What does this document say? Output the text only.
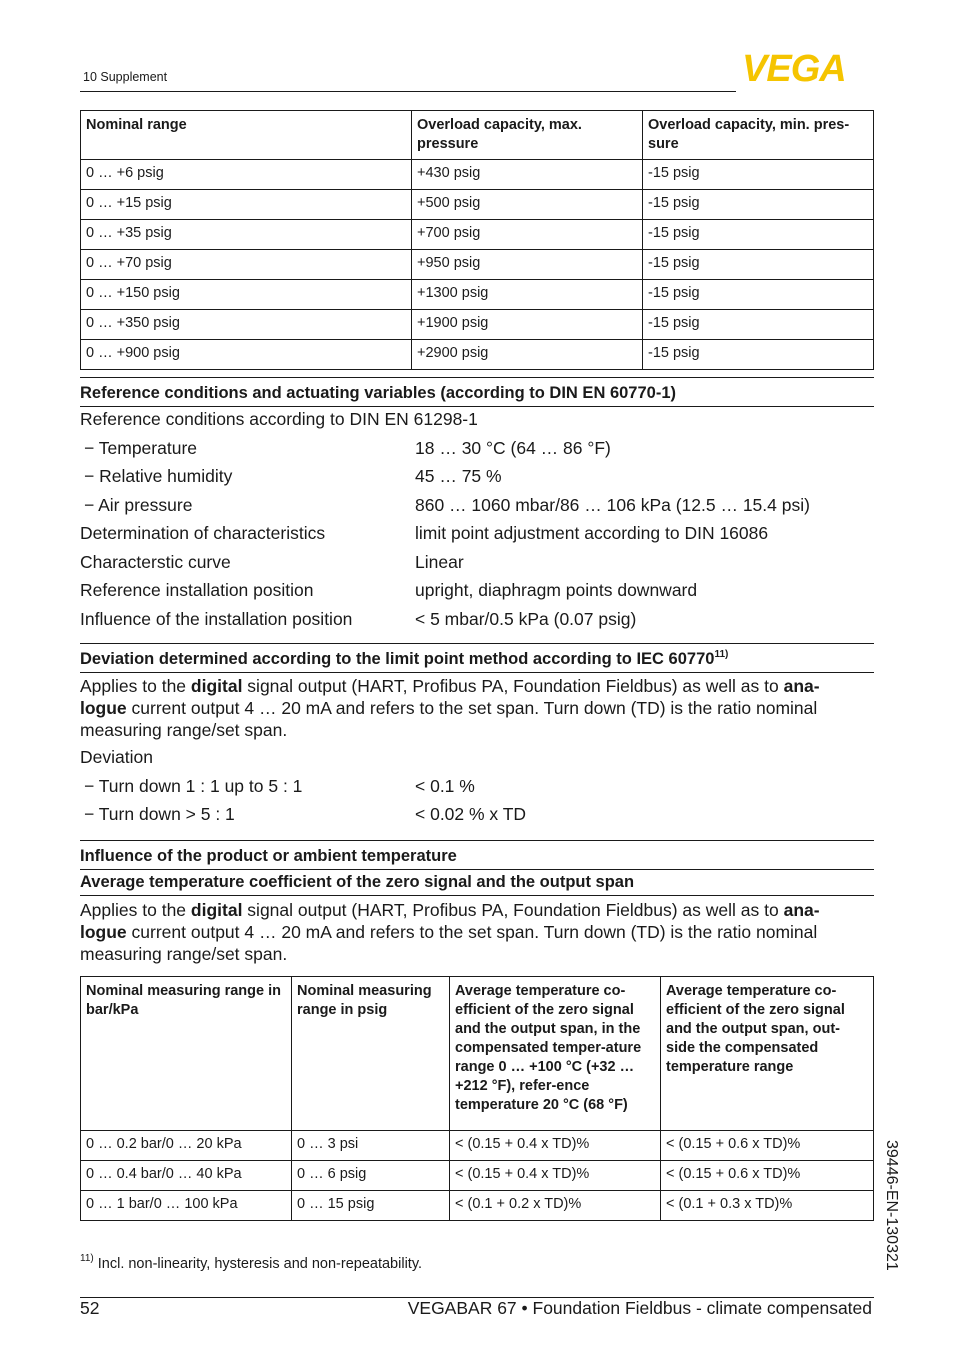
10 Supplement	VEGA
Nominal range	Overload capacity, max. pressure	Overload capacity, min. pres-sure
0 … +6 psig	+430 psig	-15 psig
0 … +15 psig	+500 psig	-15 psig
0 … +35 psig	+700 psig	-15 psig
0 … +70 psig	+950 psig	-15 psig
0 … +150 psig	+1300 psig	-15 psig
0 … +350 psig	+1900 psig	-15 psig
0 … +900 psig	+2900 psig	-15 psig
Reference conditions and actuating variables (according to DIN EN 60770-1)
Reference conditions according to DIN EN 61298-1
− Temperature	18 … 30 °C (64 … 86 °F)
− Relative humidity	45 … 75 %
− Air pressure	860 … 1060 mbar/86 … 106 kPa (12.5 … 15.4 psi)
Determination of characteristics	limit point adjustment according to DIN 16086
Characterstic curve	Linear
Reference installation position	upright, diaphragm points downward
Influence of the installation position	< 5 mbar/0.5 kPa (0.07 psig)
Deviation determined according to the limit point method according to IEC 60770$^{11)}$
Applies to the digital signal output (HART, Profibus PA, Foundation Fieldbus) as well as to ana-logue current output 4 … 20 mA and refers to the set span. Turn down (TD) is the ratio nominal measuring range/set span.
Deviation
− Turn down 1 : 1 up to 5 : 1	< 0.1 %
− Turn down > 5 : 1	< 0.02 % x TD
Influence of the product or ambient temperature
Average temperature coefficient of the zero signal and the output span
Applies to the digital signal output (HART, Profibus PA, Foundation Fieldbus) as well as to ana-logue current output 4 … 20 mA and refers to the set span. Turn down (TD) is the ratio nominal measuring range/set span.
Nominal measuring range in bar/kPa	Nominal measuring range in psig	Average temperature co-efficient of the zero signal and the output span, in the compensated temper-ature range 0 … +100 °C (+32 … +212 °F), refer-ence temperature 20 °C (68 °F)	Average temperature co-efficient of the zero signal and the output span, out-side the compensated temperature range
0 … 0.2 bar/0 … 20 kPa	0 … 3 psi	< (0.15 + 0.4 x TD)%	< (0.15 + 0.6 x TD)%
0 … 0.4 bar/0 … 40 kPa	0 … 6 psig	< (0.15 + 0.4 x TD)%	< (0.15 + 0.6 x TD)%
0 … 1 bar/0 … 100 kPa	0 … 15 psig	< (0.1 + 0.2 x TD)%	< (0.1 + 0.3 x TD)%
$^{11)}$ Incl. non-linearity, hysteresis and non-repeatability.
52	VEGABAR 67 • Foundation Fieldbus - climate compensated
39446-EN-130321
